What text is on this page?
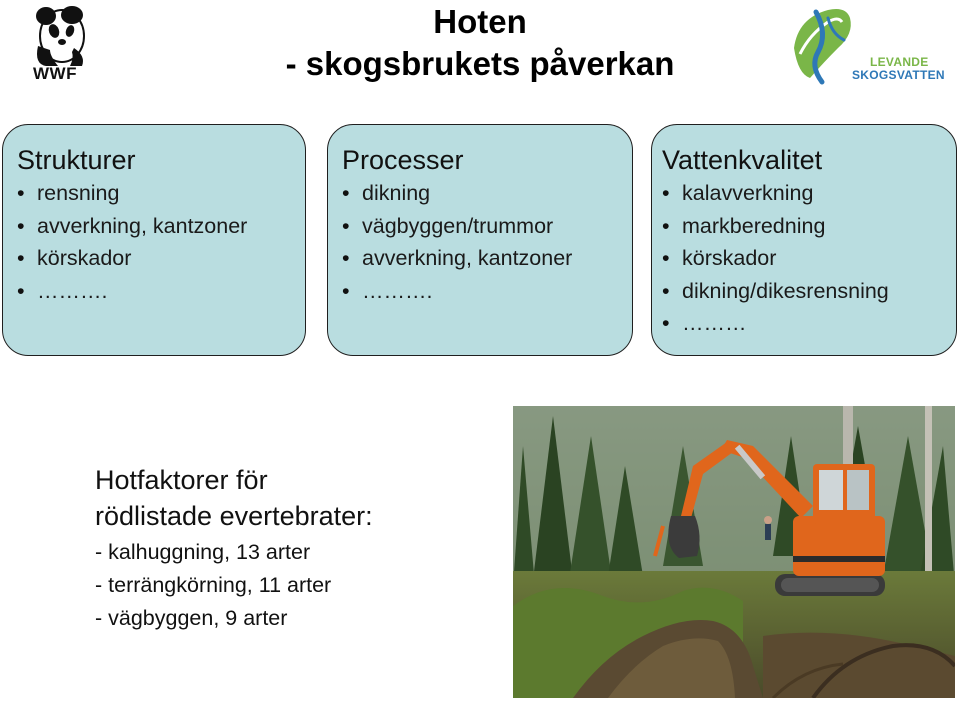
WWF
Hoten
- skogsbrukets påverkan	LEVANDE
SKOGSVATTEN
Strukturer
• rensning
• avverkning, kantzoner
• körskador
• ……….
Processer
• dikning
• vägbyggen/trummor
• avverkning, kantzoner
• ……….
Vattenkvalitet
• kalavverkning
• markberedning
• körskador
• dikning/dikesrensning
• ………
Hotfaktorer för
rödlistade evertebrater:
- kalhuggning, 13 arter
- terrängkörning, 11 arter
- vägbyggen, 9 arter
